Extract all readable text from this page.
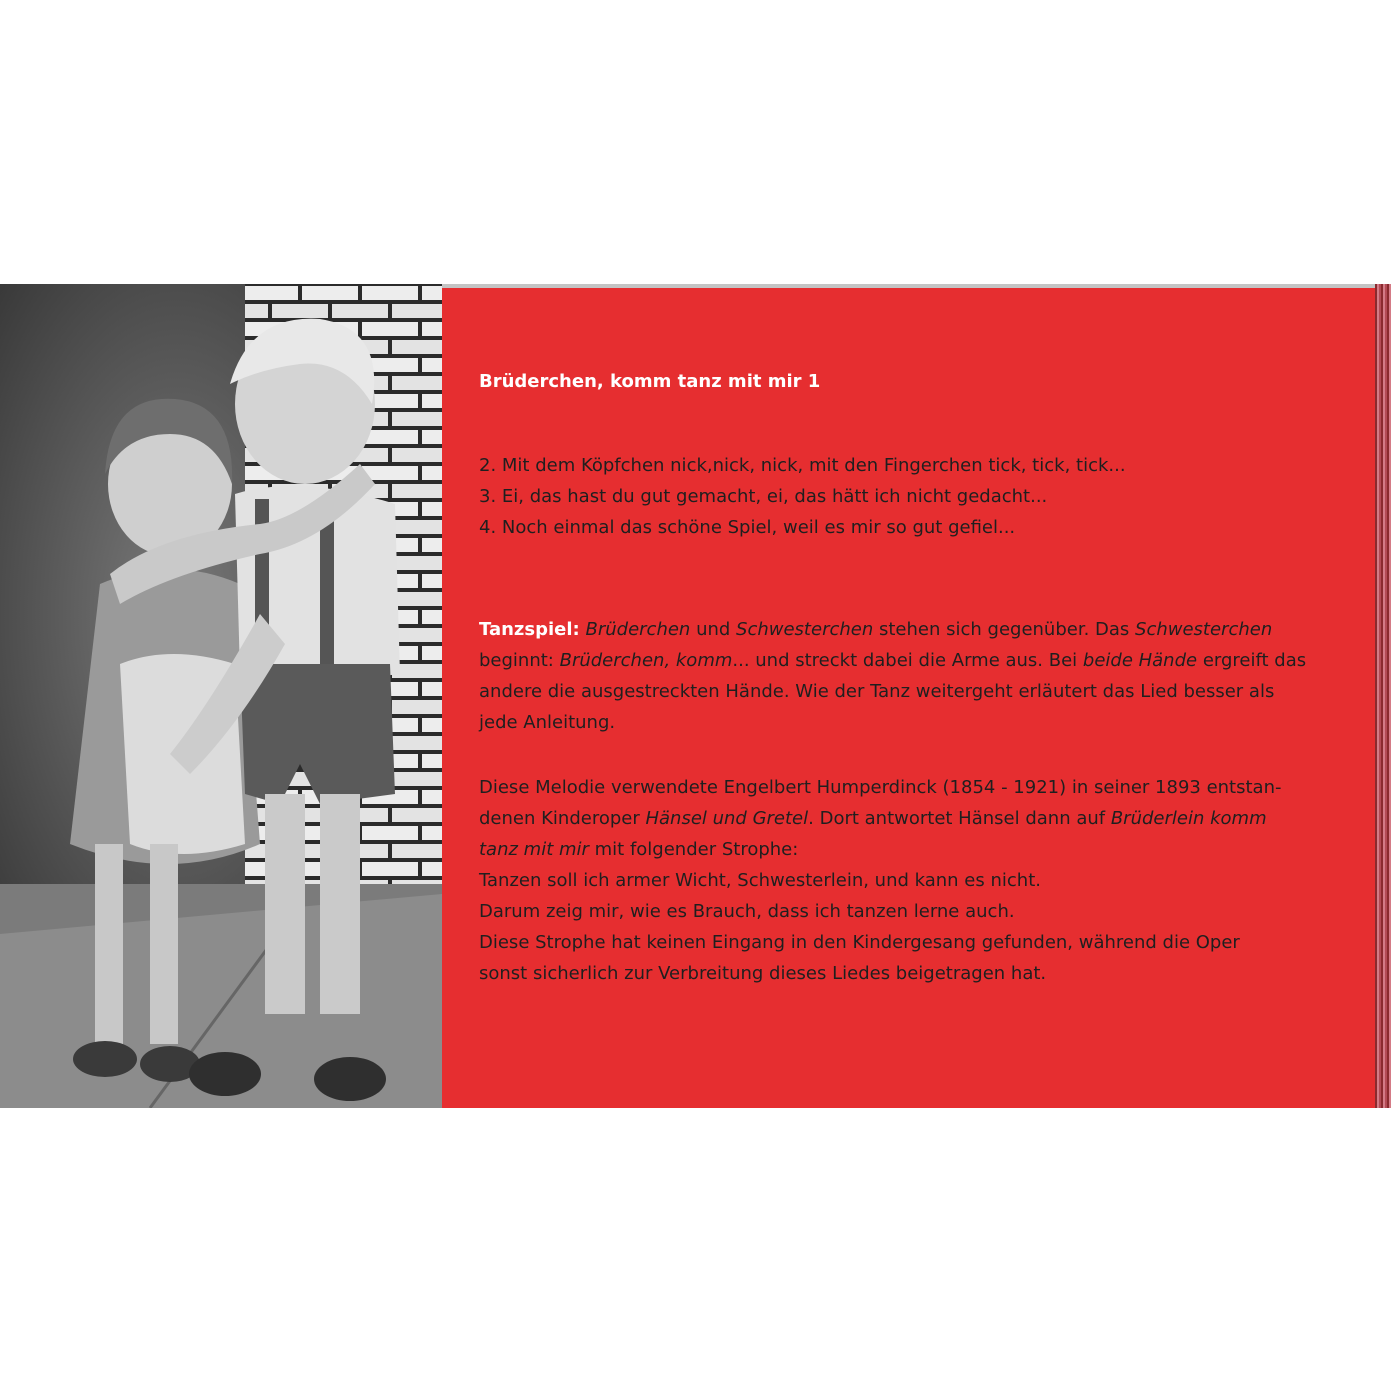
Brüderchen, komm tanz mit mir 1
2. Mit dem Köpfchen nick,nick, nick, mit den Fingerchen tick, tick, tick...
3. Ei, das hast du gut gemacht, ei, das hätt ich nicht gedacht...
4. Noch einmal das schöne Spiel, weil es mir so gut gefiel...
Tanzspiel: Brüderchen und Schwesterchen stehen sich gegenüber. Das Schwesterchen beginnt: Brüderchen, komm... und streckt dabei die Arme aus. Bei beide Hände ergreift das andere die ausgestreckten Hände. Wie der Tanz weitergeht erläutert das Lied besser als jede Anleitung.
Diese Melodie verwendete Engelbert Humperdinck (1854 - 1921) in seiner 1893 entstan-
denen Kinderoper Hänsel und Gretel. Dort antwortet Hänsel dann auf Brüderlein komm
tanz mit mir mit folgender Strophe:
Tanzen soll ich armer Wicht, Schwesterlein, und kann es nicht.
Darum zeig mir, wie es Brauch, dass ich tanzen lerne auch.
Diese Strophe hat keinen Eingang in den Kindergesang gefunden, während die Oper
sonst sicherlich zur Verbreitung dieses Liedes beigetragen hat.
